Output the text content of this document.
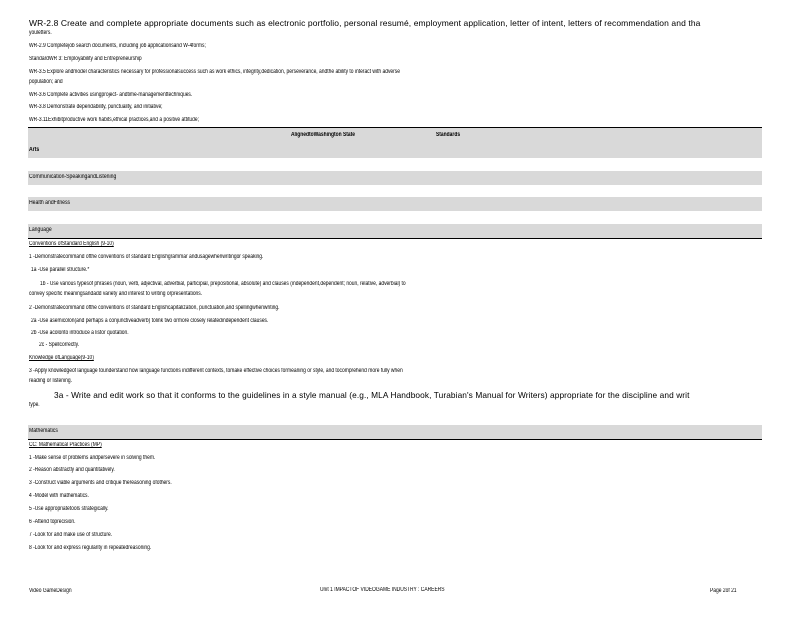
WR-2.8 Create and complete appropriate documents such as electronic portfolio, personal resumé, employment application, letter of intent, letters of recommendation and tha
youletters.
WR-2.9 Completejob search documents, including job applicationsand W-4forms;
StandardWR 3: Employability and Entrepreneurship
WR-3.5 Explore andmodel characteristics necessary for professionalsuccess such as work ethics, integrity,dedication, perseverance, andthe ability to interact with adverse
population; and
WR-3.6 Complete activities usingproject- andtime-managementtechniques.
WR-3.8 Demonstrate dependability, punctuality, and initiative;
WR-3.11Exhibitproductive work habits,ethical practices,and a positive attitude;
AlignedtoWashington State	Standards
Arts
Communication-SpeakingandListening
Health andFitness
Language
Conventions ofStandard English (9-10)
1 -Demonstratecommand ofthe conventions of standard Englishgrammar andusagewhenwritingor speaking.
1a -Use parallel structure.*
1b - Use various typesof phrases (noun, verb, adjectival, adverbial, participial, prepositional, absolute) and clauses (independent,dependent; noun, relative, adverbial) to
convey specific meaningsandadd variety and interest to writing orpresentations.
2 -Demonstratecommand ofthe conventions of standard Englishcapitalization, punctuation,and spellingwhenwriting.
2a -Use asemicolon(and perhaps a conjunctiveadverb) tolink two ormore closely relatedindependent clauses.
2b -Use acolonto introduce a listor quotation.
2c - Spellcorrectly.
Knowledge ofLanguage(9-10)
3 -Apply knowledgeof language tounderstand how language functions indifferent contexts, tomake effective choices formeaning or style, and tocomprehend more fully when
reading or listening.
3a - Write and edit work so that it conforms to the guidelines in a style manual (e.g., MLA Handbook, Turabian's Manual for Writers) appropriate for the discipline and writ
type.
Mathematics
CC: Mathematical Practices (MP)
1 -Make sense of problems andpersevere in solving them.
2 -Reason abstractly and quantitatively.
3 -Construct viable arguments and critique thereasoning ofothers.
4 -Model with mathematics.
5 -Use appropriatetools strategically.
6 -Attend toprecision.
7 -Look for and make use of structure.
8 -Look for and express regularity in repeatedreasoning.
Video GameDesign	Unit 1 IMPACTOF VIDEOGAME INDUSTRY : CAREERS	Page 2of 21
